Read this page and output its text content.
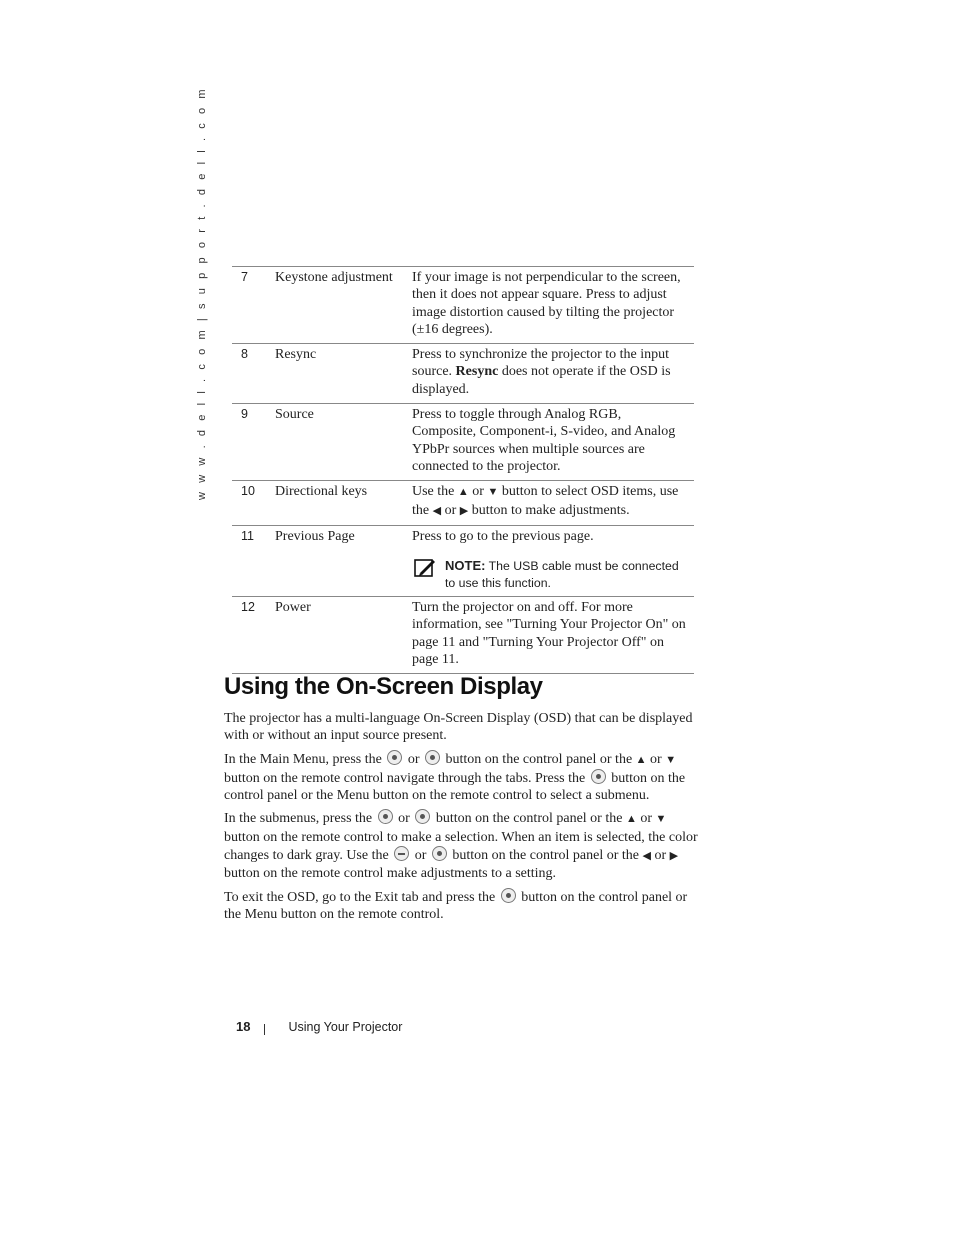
w w w . d e l l . c o m | s u p p o r t . d e l l . c o m	7	Keystone adjustment	If your image is not perpendicular to the screen, then it does not appear square. Press to adjust image distortion caused by tilting the projector (±16 degrees).
8	Resync	Press to synchronize the projector to the input source. Resync does not operate if the OSD is displayed.
9	Source	Press to toggle through Analog RGB, Composite, Component-i, S-video, and Analog YPbPr sources when multiple sources are connected to the projector.
10	Directional keys	Use the ▲ or ▼ button to select OSD items, use the ◀ or ▶ button to make adjustments.
11	Previous Page	Press to go to the previous page.
NOTE: The USB cable must be connected to use this function.

12	Power	Turn the projector on and off. For more information, see "Turning Your Projector On" on page 11 and "Turning Your Projector Off" on page 11.
Using the On-Screen Display

The projector has a multi-language On-Screen Display (OSD) that can be displayed with or without an input source present.

In the Main Menu, press the  or  button on the control panel or the ▲ or ▼ button on the remote control navigate through the tabs. Press the  button on the control panel or the Menu button on the remote control to select a submenu.

In the submenus, press the  or  button on the control panel or the ▲ or ▼ button on the remote control to make a selection. When an item is selected, the color changes to dark gray. Use the  or  button on the control panel or the ◀ or ▶ button on the remote control make adjustments to a setting.

To exit the OSD, go to the Exit tab and press the  button on the control panel or the Menu button on the remote control.

18	Using Your Projector
